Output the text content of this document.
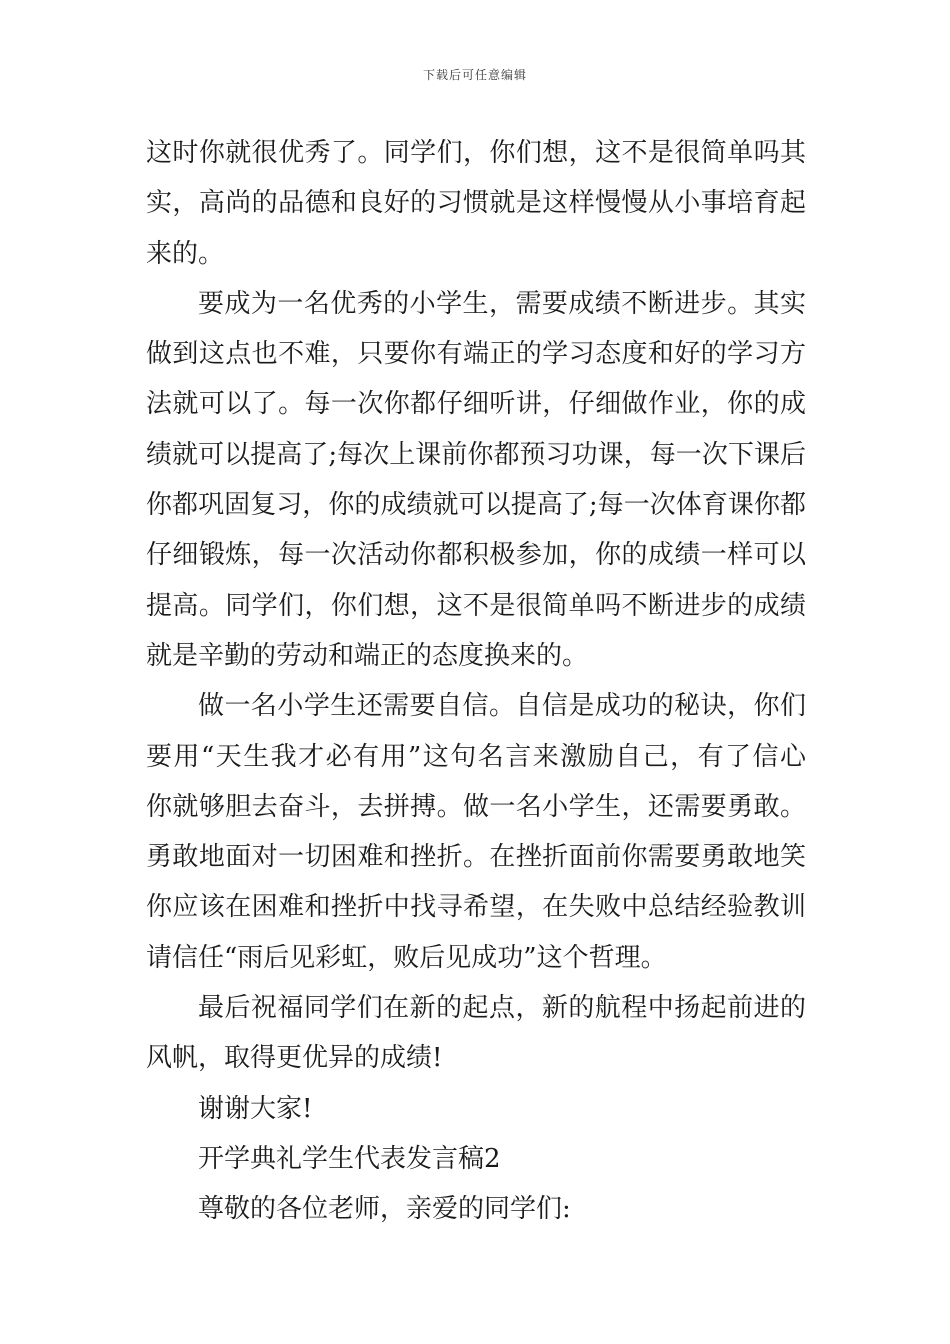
下载后可任意编辑
这时你就很优秀了。同学们，你们想，这不是很简单吗其
实，高尚的品德和良好的习惯就是这样慢慢从小事培育起
来的。
要成为一名优秀的小学生，需要成绩不断进步。其实
做到这点也不难，只要你有端正的学习态度和好的学习方
法就可以了。每一次你都仔细听讲，仔细做作业，你的成
绩就可以提高了;每次上课前你都预习功课，每一次下课后
你都巩固复习，你的成绩就可以提高了;每一次体育课你都
仔细锻炼，每一次活动你都积极参加，你的成绩一样可以
提高。同学们，你们想，这不是很简单吗不断进步的成绩
就是辛勤的劳动和端正的态度换来的。
做一名小学生还需要自信。自信是成功的秘诀，你们
要用“天生我才必有用”这句名言来激励自己，有了信心
你就够胆去奋斗，去拼搏。做一名小学生，还需要勇敢。
勇敢地面对一切困难和挫折。在挫折面前你需要勇敢地笑
你应该在困难和挫折中找寻希望，在失败中总结经验教训
请信任“雨后见彩虹，败后见成功”这个哲理。
最后祝福同学们在新的起点，新的航程中扬起前进的
风帆，取得更优异的成绩!
谢谢大家!
开学典礼学生代表发言稿2
尊敬的各位老师，亲爱的同学们:
